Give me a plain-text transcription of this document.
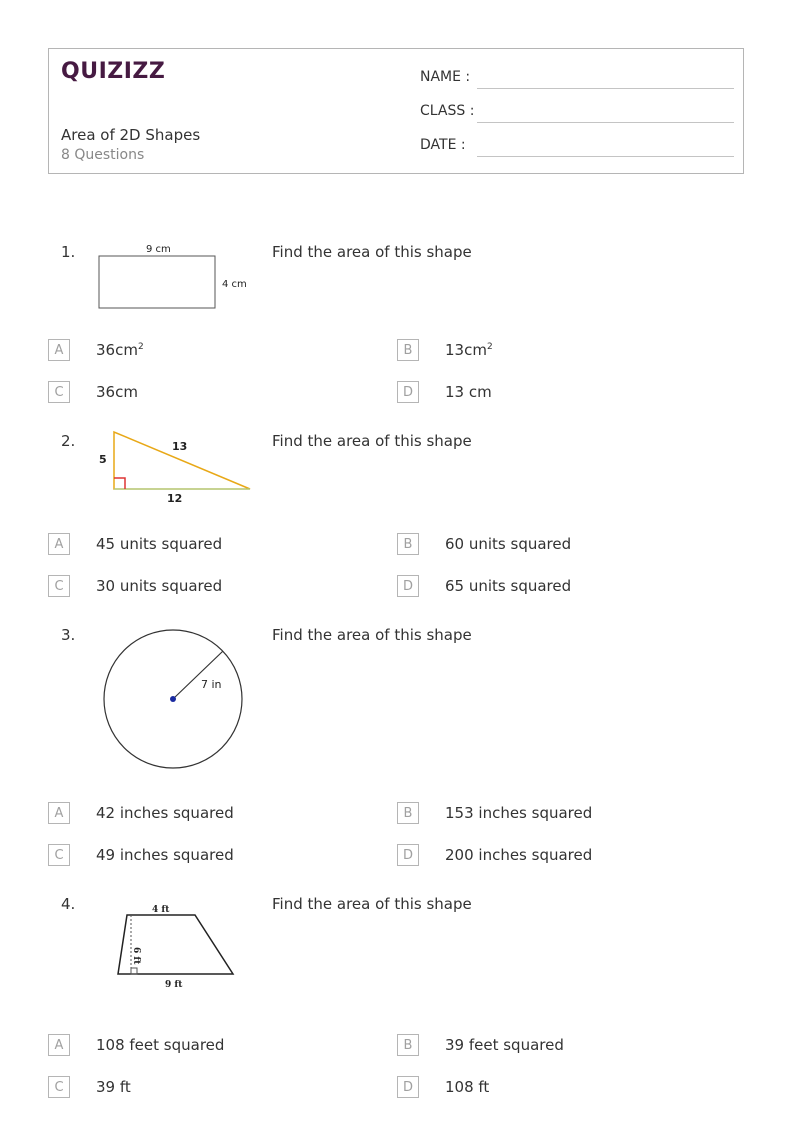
QUIZIZZ
Area of 2D Shapes
8 Questions
NAME :
CLASS :
DATE :
1.	9 cm
4 cm
Find the area of this shape
A	$36cm^2$	B	$13cm^2$
C	36cm	D	13 cm
2.
5
13
12
Find the area of this shape
A	45 units squared	B	60 units squared
C	30 units squared	D	65 units squared
3.
7 in
Find the area of this shape
A	42 inches squared	B	153 inches squared
C	49 inches squared	D	200 inches squared
4.	4 ft
6 ft
9 ft
Find the area of this shape
A	108 feet squared	B	39 feet squared
C	39 ft	D	108 ft
